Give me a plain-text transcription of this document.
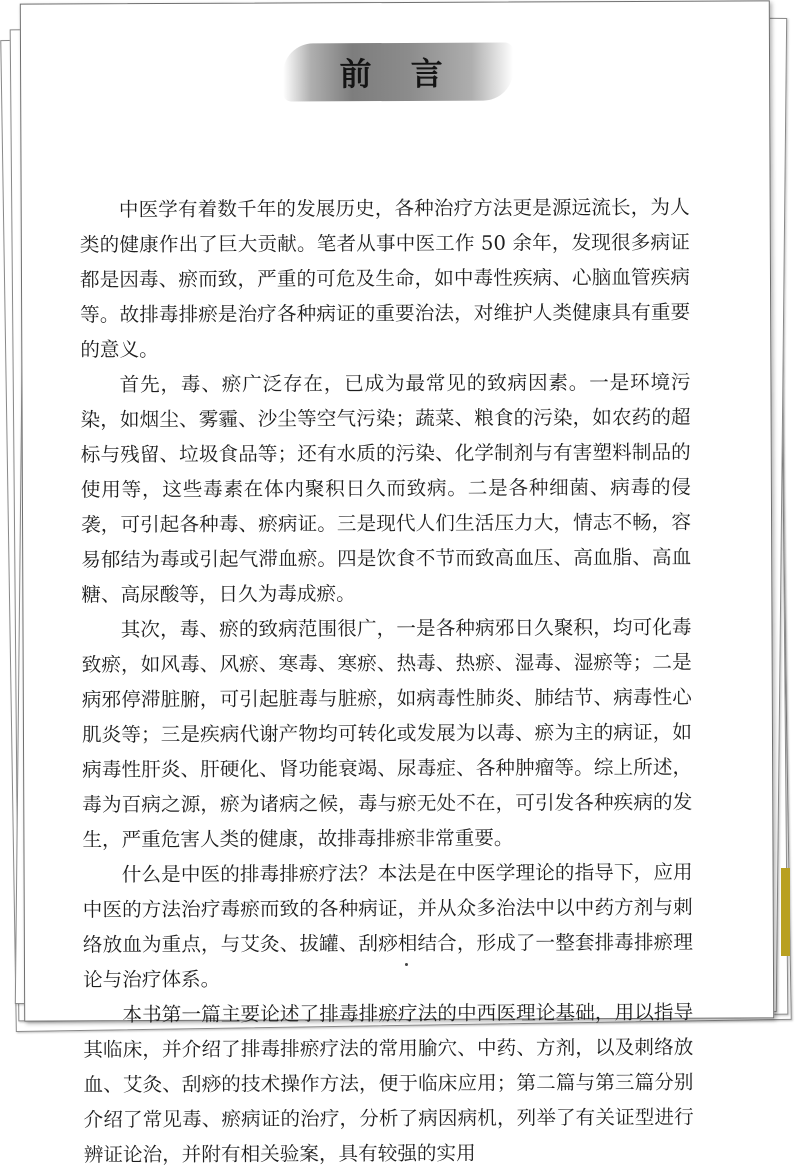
前 言

中医学有着数千年的发展历史，各种治疗方法更是源远流长，为人类的健康作出了巨大贡献。笔者从事中医工作 50 余年，发现很多病证都是因毒、瘀而致，严重的可危及生命，如中毒性疾病、心脑血管疾病等。故排毒排瘀是治疗各种病证的重要治法，对维护人类健康具有重要的意义。

首先，毒、瘀广泛存在，已成为最常见的致病因素。一是环境污染，如烟尘、雾霾、沙尘等空气污染；蔬菜、粮食的污染，如农药的超标与残留、垃圾食品等；还有水质的污染、化学制剂与有害塑料制品的使用等，这些毒素在体内聚积日久而致病。二是各种细菌、病毒的侵袭，可引起各种毒、瘀病证。三是现代人们生活压力大，情志不畅，容易郁结为毒或引起气滞血瘀。四是饮食不节而致高血压、高血脂、高血糖、高尿酸等，日久为毒成瘀。

其次，毒、瘀的致病范围很广，一是各种病邪日久聚积，均可化毒致瘀，如风毒、风瘀、寒毒、寒瘀、热毒、热瘀、湿毒、湿瘀等；二是病邪停滞脏腑，可引起脏毒与脏瘀，如病毒性肺炎、肺结节、病毒性心肌炎等；三是疾病代谢产物均可转化或发展为以毒、瘀为主的病证，如病毒性肝炎、肝硬化、肾功能衰竭、尿毒症、各种肿瘤等。综上所述，毒为百病之源，瘀为诸病之候，毒与瘀无处不在，可引发各种疾病的发生，严重危害人类的健康，故排毒排瘀非常重要。

什么是中医的排毒排瘀疗法？本法是在中医学理论的指导下，应用中医的方法治疗毒瘀而致的各种病证，并从众多治法中以中药方剂与刺络放血为重点，与艾灸、拔罐、刮痧相结合，形成了一整套排毒排瘀理论与治疗体系。

本书第一篇主要论述了排毒排瘀疗法的中西医理论基础，用以指导其临床，并介绍了排毒排瘀疗法的常用腧穴、中药、方剂，以及刺络放血、艾灸、刮痧的技术操作方法，便于临床应用；第二篇与第三篇分别介绍了常见毒、瘀病证的治疗，分析了病因病机，列举了有关证型进行辨证论治，并附有相关验案，具有较强的实用
